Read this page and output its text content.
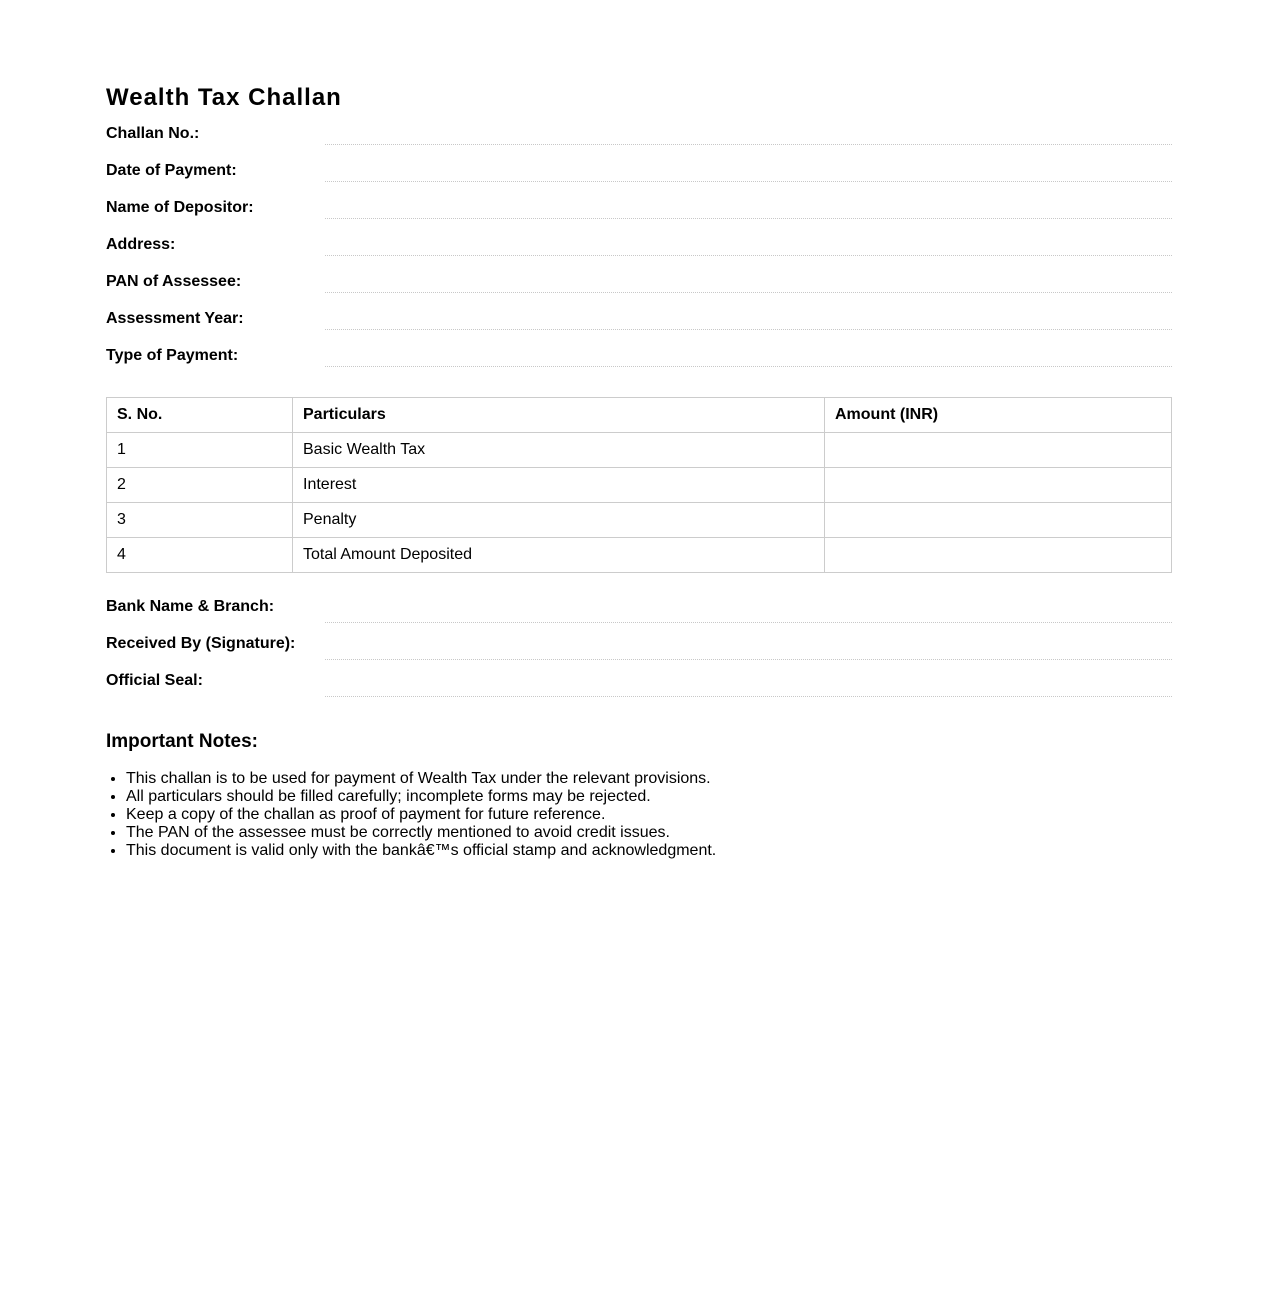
Wealth Tax Challan
Challan No.:
Date of Payment:
Name of Depositor:
Address:
PAN of Assessee:
Assessment Year:
Type of Payment:
S. No.	Particulars	Amount (INR)
1	Basic Wealth Tax	
2	Interest	
3	Penalty	
4	Total Amount Deposited	
Bank Name & Branch:
Received By (Signature):
Official Seal:
Important Notes:
• This challan is to be used for payment of Wealth Tax under the relevant provisions.
• All particulars should be filled carefully; incomplete forms may be rejected.
• Keep a copy of the challan as proof of payment for future reference.
• The PAN of the assessee must be correctly mentioned to avoid credit issues.
• This document is valid only with the bankâ€™s official stamp and acknowledgment.
